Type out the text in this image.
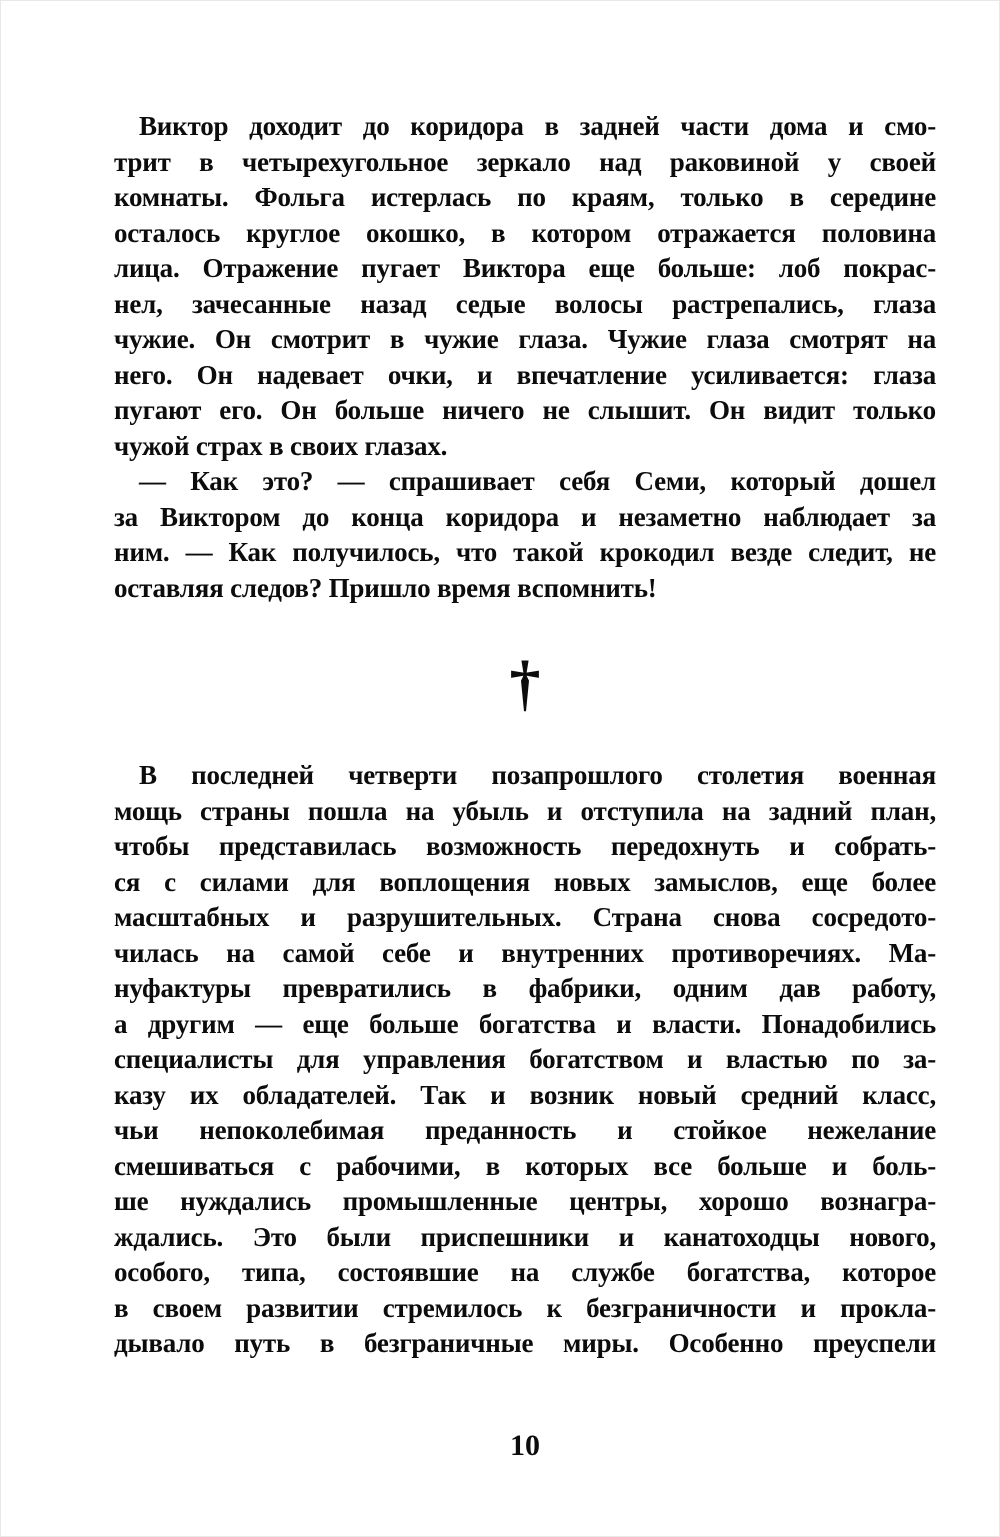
Виктор доходит до коридора в задней части дома и смо-
трит в четырехугольное зеркало над раковиной у своей
комнаты. Фольга истерлась по краям, только в середине
осталось круглое окошко, в котором отражается половина
лица. Отражение пугает Виктора еще больше: лоб покрас-
нел, зачесанные назад седые волосы растрепались, глаза
чужие. Он смотрит в чужие глаза. Чужие глаза смотрят на
него. Он надевает очки, и впечатление усиливается: глаза
пугают его. Он больше ничего не слышит. Он видит только
чужой страх в своих глазах.
— Как это? — спрашивает себя Семи, который дошел
за Виктором до конца коридора и незаметно наблюдает за
ним. — Как получилось, что такой крокодил везде следит, не
оставляя следов? Пришло время вспомнить!
†
В последней четверти позапрошлого столетия военная
мощь страны пошла на убыль и отступила на задний план,
чтобы представилась возможность передохнуть и собрать-
ся с силами для воплощения новых замыслов, еще более
масштабных и разрушительных. Страна снова сосредото-
чилась на самой себе и внутренних противоречиях. Ма-
нуфактуры превратились в фабрики, одним дав работу,
а другим — еще больше богатства и власти. Понадобились
специалисты для управления богатством и властью по за-
казу их обладателей. Так и возник новый средний класс,
чьи непоколебимая преданность и стойкое нежелание
смешиваться с рабочими, в которых все больше и боль-
ше нуждались промышленные центры, хорошо вознагра-
ждались. Это были приспешники и канатоходцы нового,
особого, типа, состоявшие на службе богатства, которое
в своем развитии стремилось к безграничности и прокла-
дывало путь в безграничные миры. Особенно преуспели
10
